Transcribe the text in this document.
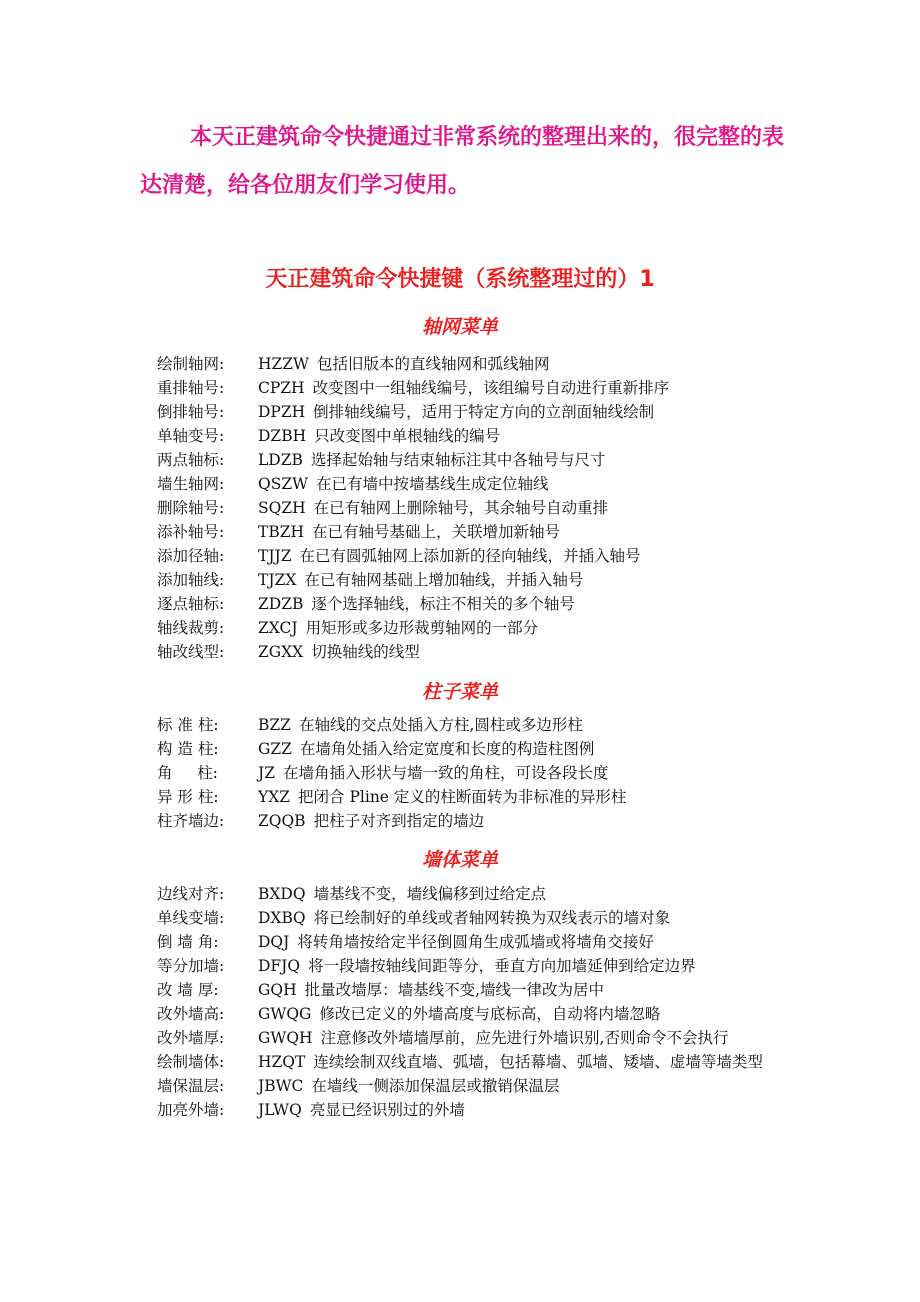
本天正建筑命令快捷通过非常系统的整理出来的，很完整的表达清楚，给各位朋友们学习使用。
天正建筑命令快捷键（系统整理过的）1
轴网菜单
绘制轴网:	HZZW 包括旧版本的直线轴网和弧线轴网
重排轴号:	CPZH 改变图中一组轴线编号，该组编号自动进行重新排序
倒排轴号:	DPZH 倒排轴线编号，适用于特定方向的立剖面轴线绘制
单轴变号:	DZBH 只改变图中单根轴线的编号
两点轴标:	LDZB 选择起始轴与结束轴标注其中各轴号与尺寸
墙生轴网:	QSZW 在已有墙中按墙基线生成定位轴线
删除轴号:	SQZH 在已有轴网上删除轴号，其余轴号自动重排
添补轴号:	TBZH 在已有轴号基础上，关联增加新轴号
添加径轴:	TJJZ 在已有圆弧轴网上添加新的径向轴线，并插入轴号
添加轴线:	TJZX 在已有轴网基础上增加轴线，并插入轴号
逐点轴标:	ZDZB 逐个选择轴线，标注不相关的多个轴号
轴线裁剪:	ZXCJ 用矩形或多边形裁剪轴网的一部分
轴改线型:	ZGXX 切换轴线的线型
柱子菜单
标 准 柱:	BZZ 在轴线的交点处插入方柱,圆柱或多边形柱
构 造 柱:	GZZ 在墙角处插入给定宽度和长度的构造柱图例
角     柱:	JZ 在墙角插入形状与墙一致的角柱，可设各段长度
异 形 柱:	YXZ 把闭合 Pline 定义的柱断面转为非标准的异形柱
柱齐墙边:	ZQQB 把柱子对齐到指定的墙边
墙体菜单
边线对齐:	BXDQ 墙基线不变，墙线偏移到过给定点
单线变墙:	DXBQ 将已绘制好的单线或者轴网转换为双线表示的墙对象
倒 墙 角:	DQJ 将转角墙按给定半径倒圆角生成弧墙或将墙角交接好
等分加墙:	DFJQ 将一段墙按轴线间距等分，垂直方向加墙延伸到给定边界
改 墙 厚:	GQH 批量改墙厚：墙基线不变,墙线一律改为居中
改外墙高:	GWQG 修改已定义的外墙高度与底标高，自动将内墙忽略
改外墙厚:	GWQH 注意修改外墙墙厚前，应先进行外墙识别,否则命令不会执行
绘制墙体:	HZQT 连续绘制双线直墙、弧墙，包括幕墙、弧墙、矮墙、虚墙等墙类型
墙保温层:	JBWC 在墙线一侧添加保温层或撤销保温层
加亮外墙:	JLWQ 亮显已经识别过的外墙
